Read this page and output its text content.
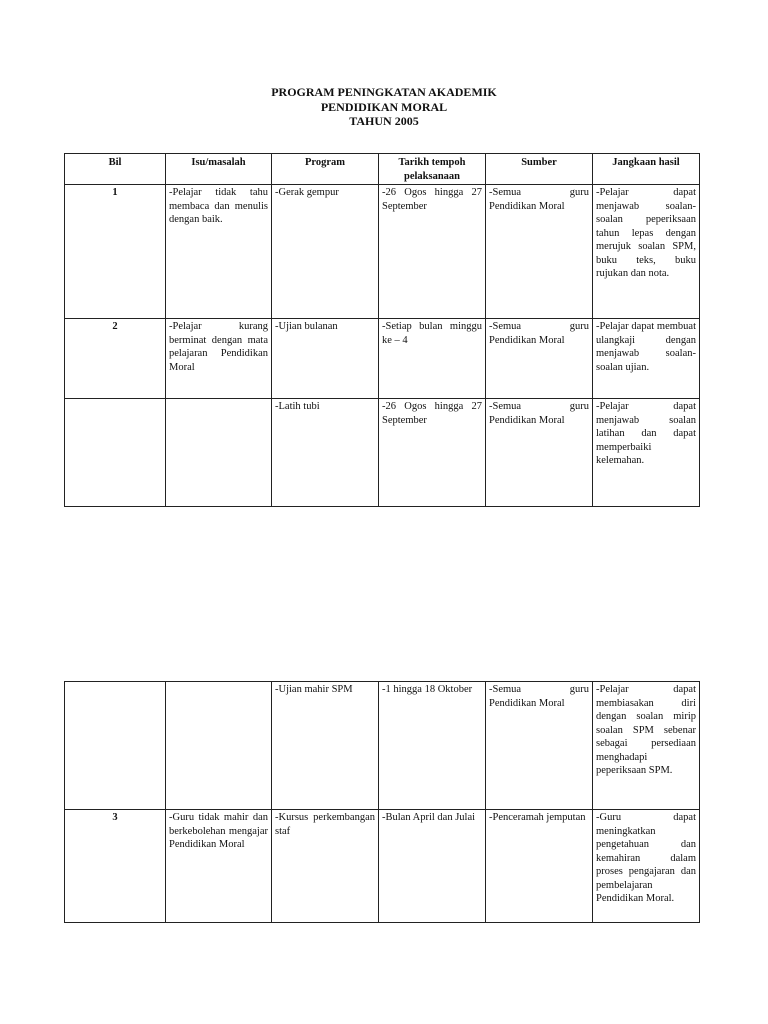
PROGRAM PENINGKATAN AKADEMIK
PENDIDIKAN MORAL
TAHUN 2005
Bil	Isu/masalah	Program	Tarikh tempoh pelaksanaan	Sumber	Jangkaan hasil
1	-Pelajar tidak tahu membaca dan menulis dengan baik.	-Gerak gempur	-26 Ogos hingga 27 September	-Semua guru Pendidikan Moral	-Pelajar dapat menjawab soalan-soalan peperiksaan tahun lepas dengan merujuk soalan SPM, buku teks, buku rujukan dan nota.
2	-Pelajar kurang berminat dengan mata pelajaran Pendidikan Moral	-Ujian bulanan	-Setiap bulan minggu ke – 4	-Semua guru Pendidikan Moral	-Pelajar dapat membuat ulangkaji dengan menjawab soalan-soalan ujian.
		-Latih tubi	-26 Ogos hingga 27 September	-Semua guru Pendidikan Moral	-Pelajar dapat menjawab soalan latihan dan dapat memperbaiki kelemahan.
		-Ujian mahir SPM	-1 hingga 18 Oktober	-Semua guru Pendidikan Moral	-Pelajar dapat membiasakan diri dengan soalan mirip soalan SPM sebenar sebagai persediaan menghadapi peperiksaan SPM.
3	-Guru tidak mahir dan berkebolehan mengajar Pendidikan Moral	-Kursus perkembangan staf	-Bulan April dan Julai	-Penceramah jemputan	-Guru dapat meningkatkan pengetahuan dan kemahiran dalam proses pengajaran dan pembelajaran Pendidikan Moral.
